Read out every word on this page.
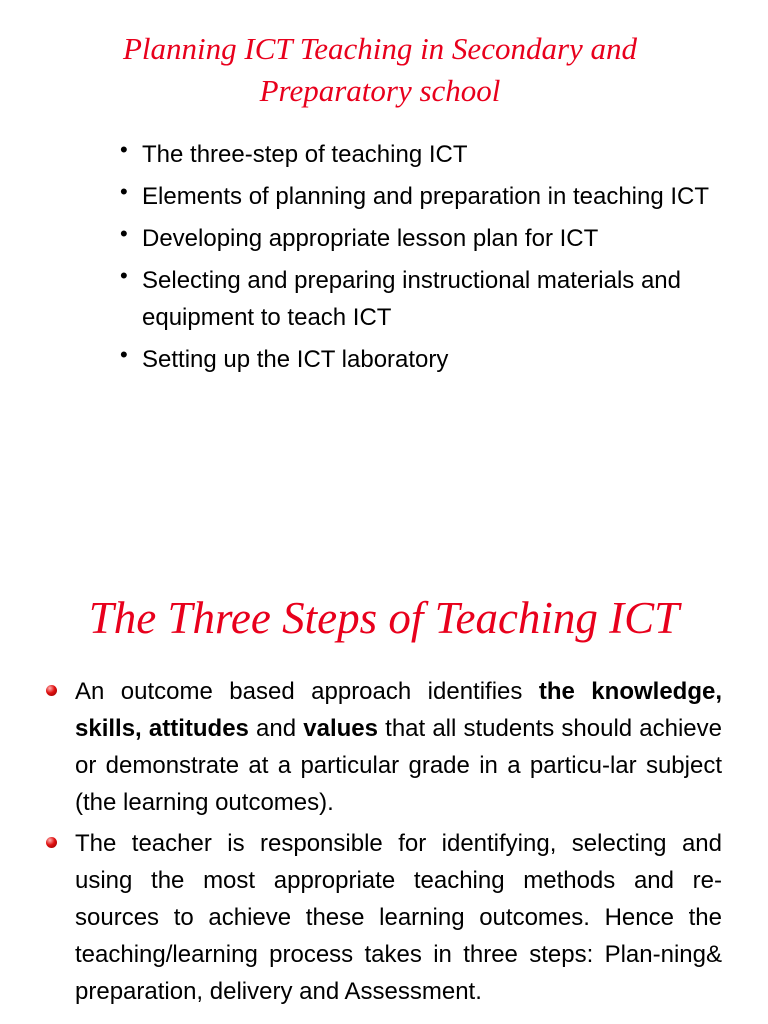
Planning ICT Teaching in Secondary and
Preparatory school
• The three-step of teaching ICT
• Elements of planning and preparation in teaching ICT
• Developing appropriate lesson plan for ICT
• Selecting and preparing instructional materials and equipment to teach ICT
• Setting up the ICT laboratory
The Three Steps of Teaching ICT
An outcome based approach identifies the knowledge, skills, attitudes and values that all students should achieve or demonstrate at a particular grade in a particu-lar subject (the learning outcomes).
The teacher is responsible for identifying, selecting and using the most appropriate teaching methods and re-sources to achieve these learning outcomes. Hence the teaching/learning process takes in three steps: Plan-ning& preparation, delivery and Assessment.
